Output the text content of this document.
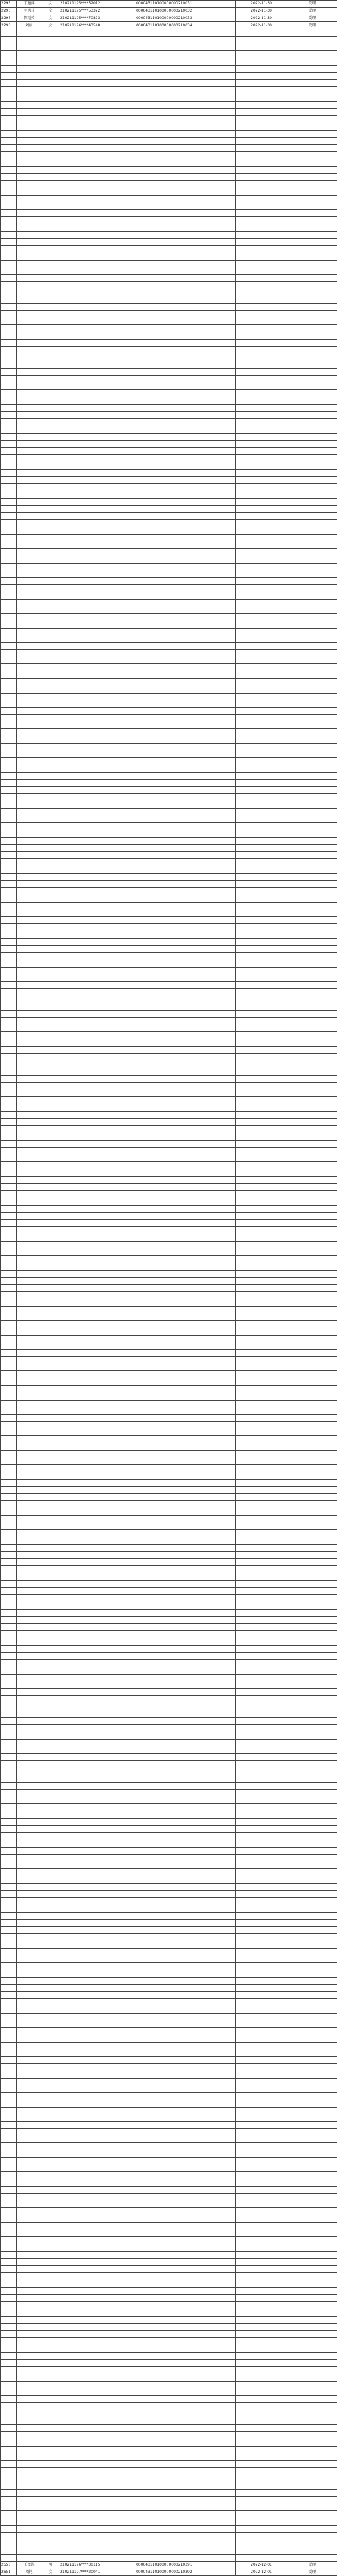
2295	丁施萍	女	210211195****52012	000043110100000000210031	2022-11-30	受理
2296	谷洪芬	女	210211195****53322	000043110100000000210032	2022-11-30	受理
2297	陈福英	女	210211195****70823	000043110100000000210033	2022-11-30	受理
2298	刘丽	女	210211196****43548	000043110100000000210034	2022-11-30	受理

2650	王文涛	男	210211196****30115	000043110100000000210391	2022-12-01	受理
2651	刘艳	女	210211197****20041	000043110100000000210392	2022-12-01	受理
